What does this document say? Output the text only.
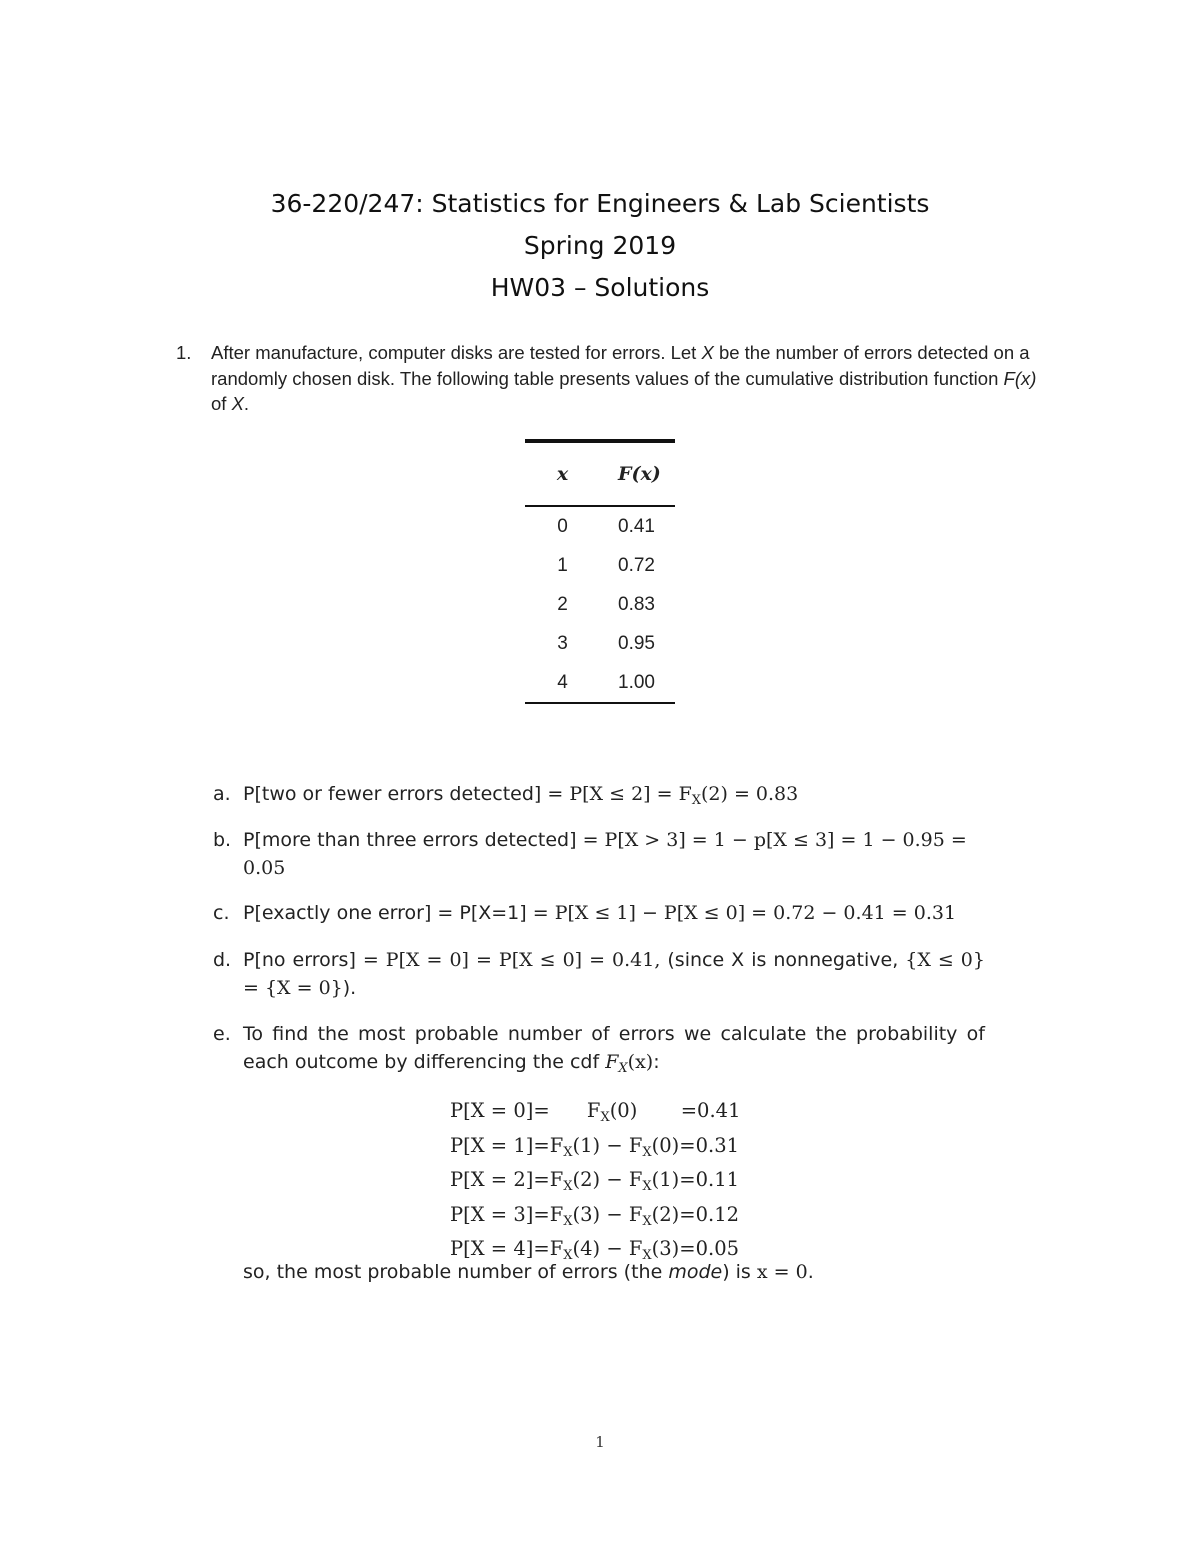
36-220/247: Statistics for Engineers & Lab Scientists
Spring 2019
HW03 – Solutions
1. After manufacture, computer disks are tested for errors. Let X be the number of errors detected on a randomly chosen disk. The following table presents values of the cumulative distribution function F(x) of X.
x	F(x)
0	0.41
1	0.72
2	0.83
3	0.95
4	1.00
a. P[two or fewer errors detected] = $P[X \le 2] = F_X(2) = 0.83$
b. P[more than three errors detected] = P[X > 3] = 1 − p[X ≤ 3] = 1 − 0.95 = 0.05
c. P[exactly one error] = P[X=1] = P[X ≤ 1] − P[X ≤ 0] = 0.72 − 0.41 = 0.31
d. P[no errors] = P[X = 0] = P[X ≤ 0] = 0.41, (since X is nonnegative, {X ≤ 0} = {X = 0}).
e. To find the most probable number of errors we calculate the probability of each outcome by differencing the cdf $F_X(x)$:
P[X = 0]=      $F_X(0)$       =0.41
$P[X = 1]=F_X(1) - F_X(0)=0.31$
$P[X = 2]=F_X(2) - F_X(1)=0.11$
$P[X = 3]=F_X(3) - F_X(2)=0.12$
$P[X = 4]=F_X(4) - F_X(3)=0.05$
so, the most probable number of errors (the mode) is x = 0.
1
